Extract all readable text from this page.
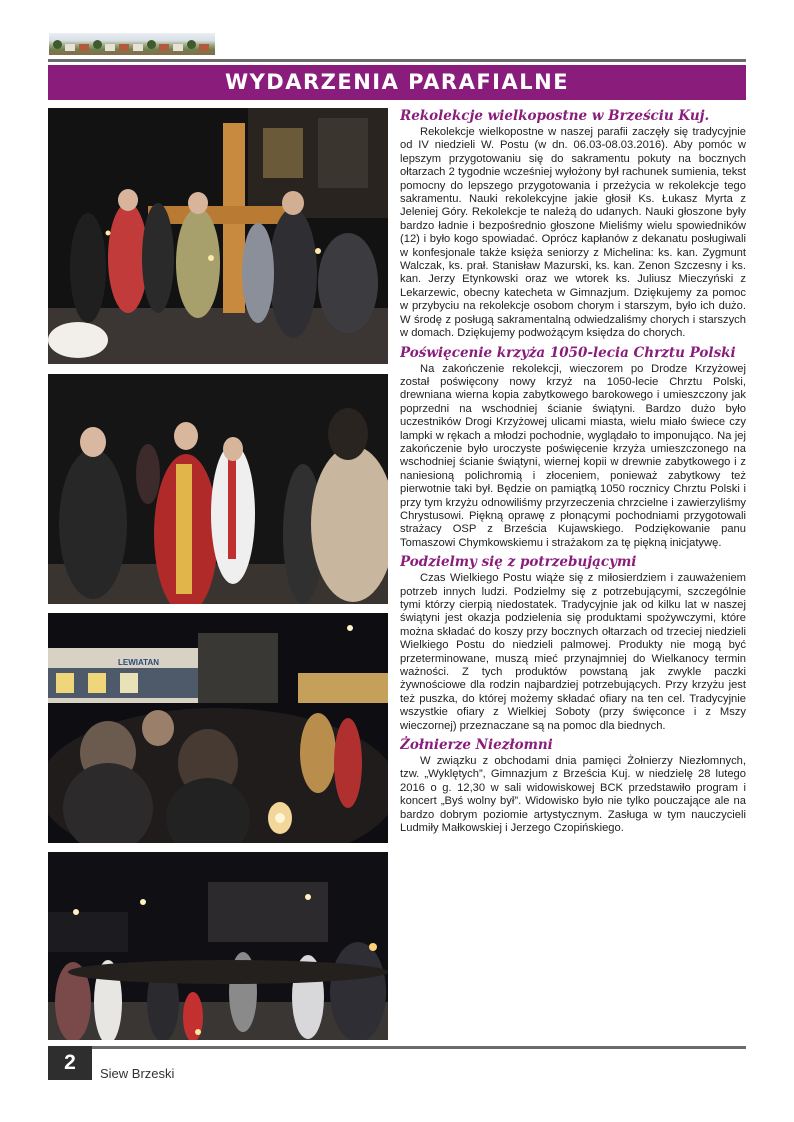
WYDARZENIA PARAFIALNE
LEWIATAN
Rekolekcje wielkopostne w Brześciu Kuj.

Rekolekcje wielkopostne w naszej parafii zaczęły się tradycyjnie od IV niedzieli W. Postu (w dn. 06.03-08.03.2016). Aby pomóc w lepszym przygotowaniu się do sakramentu pokuty na bocznych ołtarzach 2 tygodnie wcześniej wyłożony był rachunek sumienia, tekst pomocny do lepszego przygotowania i przeżycia w rekolekcje tego sakramentu. Nauki rekolekcyjne jakie głosił Ks. Łukasz Myrta z Jeleniej Góry. Rekolekcje te należą do udanych. Nauki głoszone były bardzo ładnie i bezpośrednio głoszone Mieliśmy wielu spowiedników (12) i było kogo spowiadać. Oprócz kapłanów z dekanatu posługiwali w konfesjonale także księża seniorzy z Michelina: ks. kan. Zygmunt Walczak, ks. prał. Stanisław Mazurski, ks. kan. Zenon Szczesny i ks. kan. Jerzy Etynkowski oraz we wtorek ks. Juliusz Mieczyński z Lekarzewic, obecny katecheta w Gimnazjum. Dziękujemy za pomoc w przybyciu na rekolekcje osobom chorym i starszym, było ich dużo. W środę z posługą sakramentalną odwiedzaliśmy chorych i starszych w domach. Dziękujemy podwożącym księdza do chorych.

Poświęcenie krzyża 1050-lecia Chrztu Polski

Na zakończenie rekolekcji, wieczorem po Drodze Krzyżowej został poświęcony nowy krzyż na 1050-lecie Chrztu Polski, drewniana wierna kopia zabytkowego barokowego i umieszczony jak poprzedni na wschodniej ścianie świątyni. Bardzo dużo było uczestników Drogi Krzyżowej ulicami miasta, wielu miało świece czy lampki w rękach a młodzi pochodnie, wyglądało to imponująco. Na jej zakończenie było uroczyste poświęcenie krzyża umieszczonego na wschodniej ścianie świątyni, wiernej kopii w drewnie zabytkowego i z naniesioną polichromią i złoceniem, ponieważ zabytkowy też pierwotnie taki był. Będzie on pamiątką 1050 rocznicy Chrztu Polski i przy tym krzyżu odnowiliśmy przyrzeczenia chrzcielne i zawierzyliśmy Chrystusowi. Piękną oprawę z płonącymi pochodniami przygotowali strażacy OSP z Brześcia Kujawskiego. Podziękowanie panu Tomaszowi Chymkowskiemu i strażakom za tę piękną inicjatywę.

Podzielmy się z potrzebującymi

Czas Wielkiego Postu wiąże się z miłosierdziem i zauważeniem potrzeb innych ludzi. Podzielmy się z potrzebującymi, szczególnie tymi którzy cierpią niedostatek. Tradycyjnie jak od kilku lat w naszej świątyni jest okazja podzielenia się produktami spożywczymi, które można składać do koszy przy bocznych ołtarzach od trzeciej niedzieli Wielkiego Postu do niedzieli palmowej. Produkty nie mogą być przeterminowane, muszą mieć przynajmniej do Wielkanocy termin ważności. Z tych produktów powstaną jak zwykle paczki żywnościowe dla rodzin najbardziej potrzebujących. Przy krzyżu jest też puszka, do której możemy składać ofiary na ten cel. Tradycyjnie wszystkie ofiary z Wielkiej Soboty (przy święconce i z Mszy wieczornej) przeznaczane są na pomoc dla biednych.

Żołnierze Niezłomni

W związku z obchodami dnia pamięci Żołnierzy Niezłomnych, tzw. „Wyklętych”, Gimnazjum z Brześcia Kuj. w niedzielę 28 lutego 2016 o g. 12,30 w sali widowiskowej BCK przedstawiło program i koncert „Byś wolny był”. Widowisko było nie tylko pouczające ale na bardzo dobrym poziomie artystycznym. Zasługa w tym nauczycieli Ludmiły Małkowskiej i Jerzego Czopińskiego.

2	Siew Brzeski
